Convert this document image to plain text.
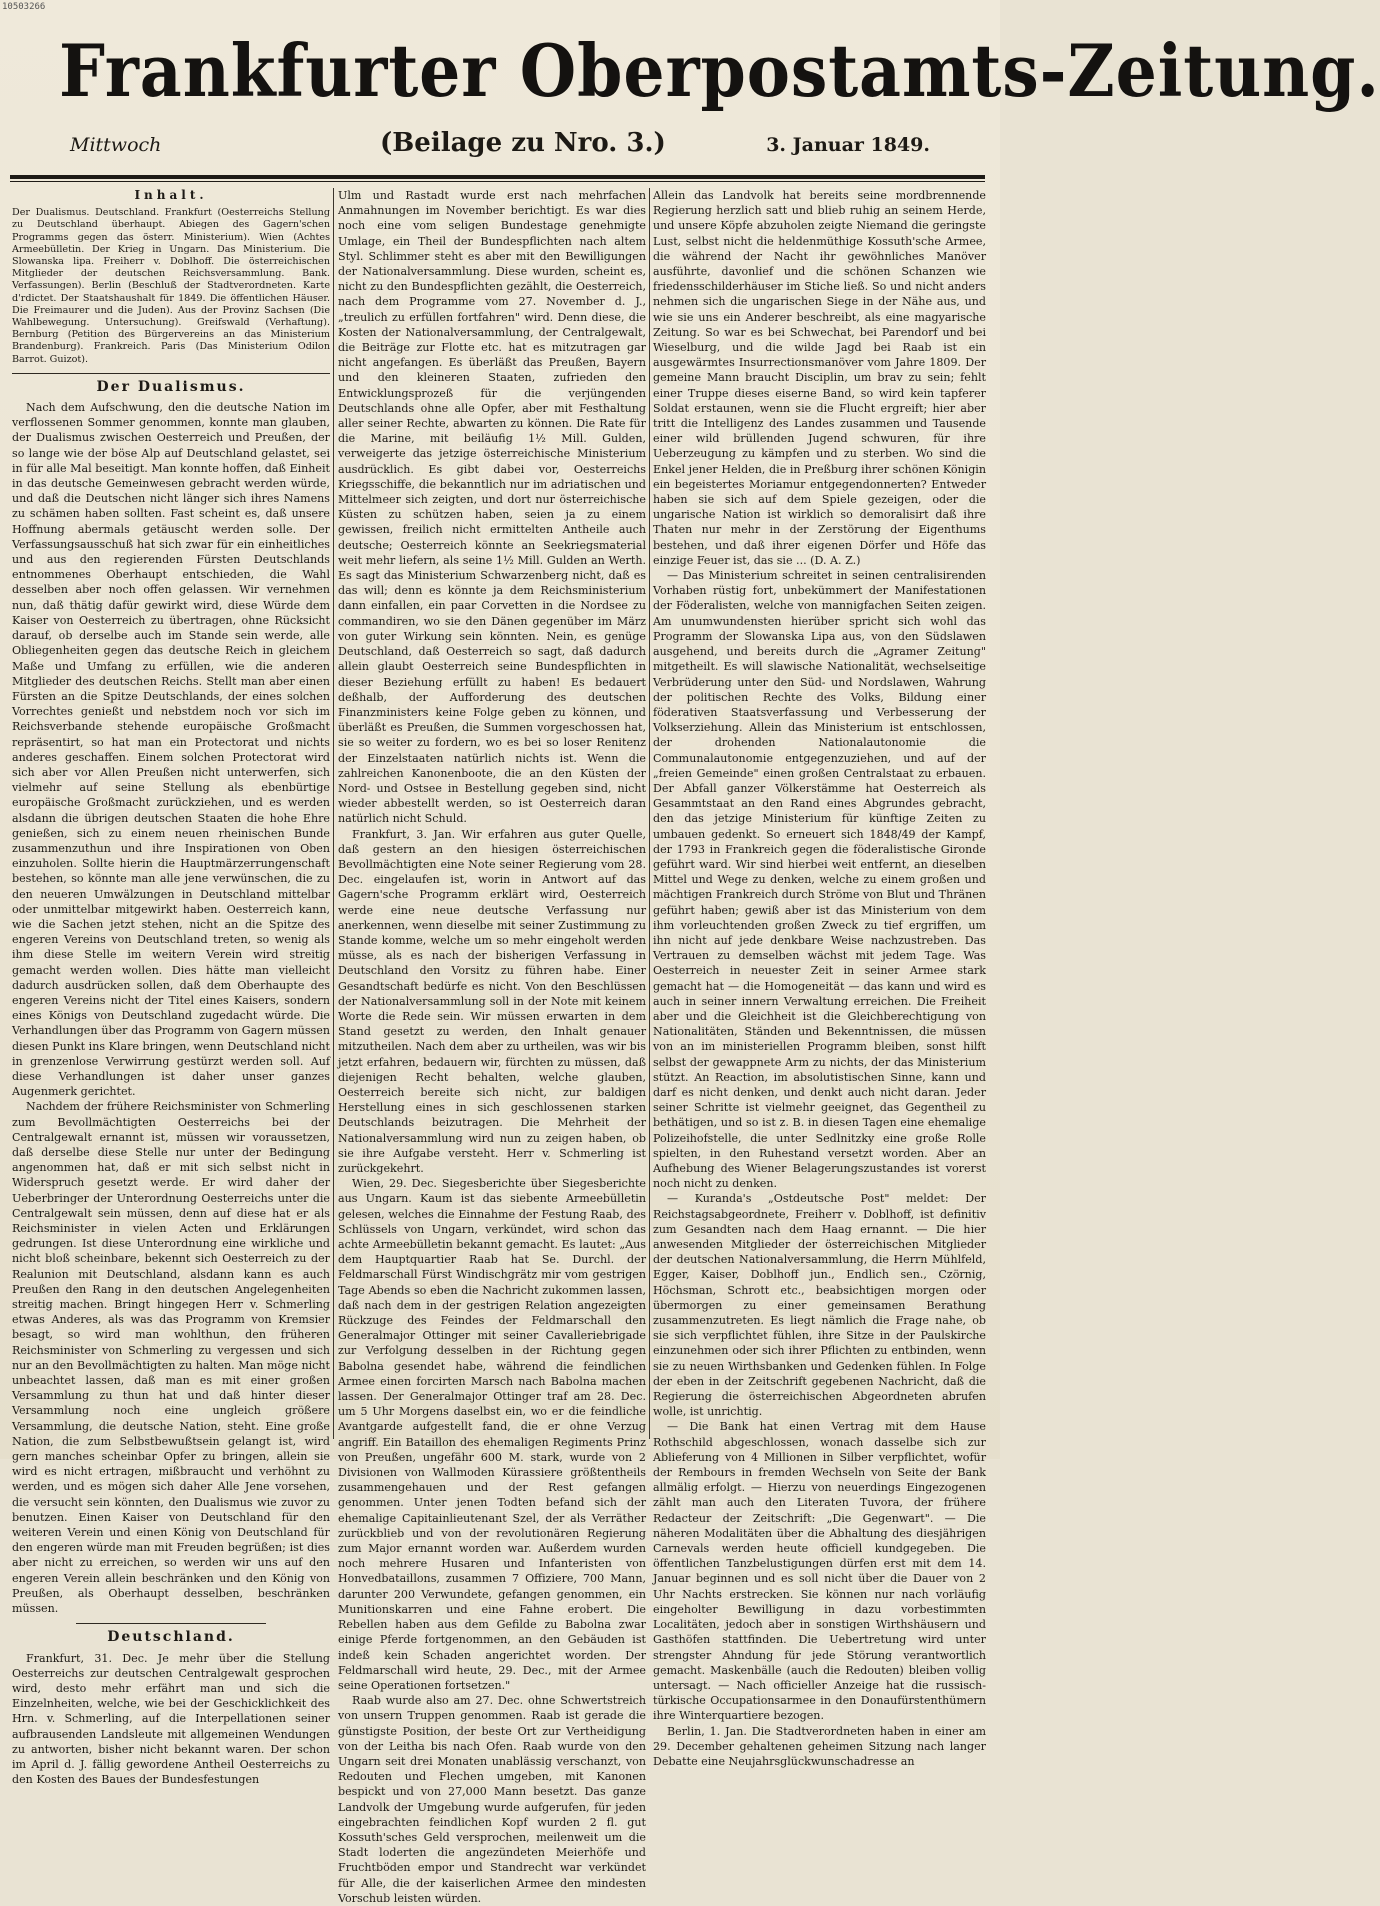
10503266
Frankfurter Oberpostamts-Zeitung.
Mittwoch	(Beilage zu Nro. 3.)	3. Januar 1849.
Inhalt.

Der Dualismus. Deutschland. Frankfurt (Oesterreichs Stellung zu Deutschland überhaupt. Abiegen des Gagern'schen Programms gegen das österr. Ministerium). Wien (Achtes Armeebülletin. Der Krieg in Ungarn. Das Ministerium. Die Slowanska lipa. Freiherr v. Doblhoff. Die österreichischen Mitglieder der deutschen Reichsversammlung. Bank. Verfassungen). Berlin (Beschluß der Stadtverordneten. Karte d'rdictet. Der Staatshaushalt für 1849. Die öffentlichen Häuser. Die Freimaurer und die Juden). Aus der Provinz Sachsen (Die Wahlbewegung. Untersuchung). Greifswald (Verhaftung). Bernburg (Petition des Bürgervereins an das Ministerium Brandenburg). Frankreich. Paris (Das Ministerium Odilon Barrot. Guizot).

Der Dualismus.

Nach dem Aufschwung, den die deutsche Nation im verflossenen Sommer genommen, konnte man glauben, der Dualismus zwischen Oesterreich und Preußen, der so lange wie der böse Alp auf Deutschland gelastet, sei in für alle Mal beseitigt. Man konnte hoffen, daß Einheit in das deutsche Gemeinwesen gebracht werden würde, und daß die Deutschen nicht länger sich ihres Namens zu schämen haben sollten. Fast scheint es, daß unsere Hoffnung abermals getäuscht werden solle. Der Verfassungsausschuß hat sich zwar für ein einheitliches und aus den regierenden Fürsten Deutschlands entnommenes Oberhaupt entschieden, die Wahl desselben aber noch offen gelassen. Wir vernehmen nun, daß thätig dafür gewirkt wird, diese Würde dem Kaiser von Oesterreich zu übertragen, ohne Rücksicht darauf, ob derselbe auch im Stande sein werde, alle Obliegenheiten gegen das deutsche Reich in gleichem Maße und Umfang zu erfüllen, wie die anderen Mitglieder des deutschen Reichs. Stellt man aber einen Fürsten an die Spitze Deutschlands, der eines solchen Vorrechtes genießt und nebstdem noch vor sich im Reichsverbande stehende europäische Großmacht repräsentirt, so hat man ein Protectorat und nichts anderes geschaffen. Einem solchen Protectorat wird sich aber vor Allen Preußen nicht unterwerfen, sich vielmehr auf seine Stellung als ebenbürtige europäische Großmacht zurückziehen, und es werden alsdann die übrigen deutschen Staaten die hohe Ehre genießen, sich zu einem neuen rheinischen Bunde zusammenzuthun und ihre Inspirationen von Oben einzuholen. Sollte hierin die Hauptmärzerrungenschaft bestehen, so könnte man alle jene verwünschen, die zu den neueren Umwälzungen in Deutschland mittelbar oder unmittelbar mitgewirkt haben. Oesterreich kann, wie die Sachen jetzt stehen, nicht an die Spitze des engeren Vereins von Deutschland treten, so wenig als ihm diese Stelle im weitern Verein wird streitig gemacht werden wollen. Dies hätte man vielleicht dadurch ausdrücken sollen, daß dem Oberhaupte des engeren Vereins nicht der Titel eines Kaisers, sondern eines Königs von Deutschland zugedacht würde. Die Verhandlungen über das Programm von Gagern müssen diesen Punkt ins Klare bringen, wenn Deutschland nicht in grenzenlose Verwirrung gestürzt werden soll. Auf diese Verhandlungen ist daher unser ganzes Augenmerk gerichtet.

Nachdem der frühere Reichsminister von Schmerling zum Bevollmächtigten Oesterreichs bei der Centralgewalt ernannt ist, müssen wir voraussetzen, daß derselbe diese Stelle nur unter der Bedingung angenommen hat, daß er mit sich selbst nicht in Widerspruch gesetzt werde. Er wird daher der Ueberbringer der Unterordnung Oesterreichs unter die Centralgewalt sein müssen, denn auf diese hat er als Reichsminister in vielen Acten und Erklärungen gedrungen. Ist diese Unterordnung eine wirkliche und nicht bloß scheinbare, bekennt sich Oesterreich zu der Realunion mit Deutschland, alsdann kann es auch Preußen den Rang in den deutschen Angelegenheiten streitig machen. Bringt hingegen Herr v. Schmerling etwas Anderes, als was das Programm von Kremsier besagt, so wird man wohlthun, den früheren Reichsminister von Schmerling zu vergessen und sich nur an den Bevollmächtigten zu halten. Man möge nicht unbeachtet lassen, daß man es mit einer großen Versammlung zu thun hat und daß hinter dieser Versammlung noch eine ungleich größere Versammlung, die deutsche Nation, steht. Eine große Nation, die zum Selbstbewußtsein gelangt ist, wird gern manches scheinbar Opfer zu bringen, allein sie wird es nicht ertragen, mißbraucht und verhöhnt zu werden, und es mögen sich daher Alle Jene vorsehen, die versucht sein könnten, den Dualismus wie zuvor zu benutzen. Einen Kaiser von Deutschland für den weiteren Verein und einen König von Deutschland für den engeren würde man mit Freuden begrüßen; ist dies aber nicht zu erreichen, so werden wir uns auf den engeren Verein allein beschränken und den König von Preußen, als Oberhaupt desselben, beschränken müssen.

Deutschland.

Frankfurt, 31. Dec. Je mehr über die Stellung Oesterreichs zur deutschen Centralgewalt gesprochen wird, desto mehr erfährt man und sich die Einzelnheiten, welche, wie bei der Geschicklichkeit des Hrn. v. Schmerling, auf die Interpellationen seiner aufbrausenden Landsleute mit allgemeinen Wendungen zu antworten, bisher nicht bekannt waren. Der schon im April d. J. fällig gewordene Antheil Oesterreichs zu den Kosten des Baues der Bundesfestungen

Ulm und Rastadt wurde erst nach mehrfachen Anmahnungen im November berichtigt. Es war dies noch eine vom seligen Bundestage genehmigte Umlage, ein Theil der Bundespflichten nach altem Styl. Schlimmer steht es aber mit den Bewilligungen der Nationalversammlung. Diese wurden, scheint es, nicht zu den Bundespflichten gezählt, die Oesterreich, nach dem Programme vom 27. November d. J., „treulich zu erfüllen fortfahren" wird. Denn diese, die Kosten der Nationalversammlung, der Centralgewalt, die Beiträge zur Flotte etc. hat es mitzutragen gar nicht angefangen. Es überläßt das Preußen, Bayern und den kleineren Staaten, zufrieden den Entwicklungsprozeß für die verjüngenden Deutschlands ohne alle Opfer, aber mit Festhaltung aller seiner Rechte, abwarten zu können. Die Rate für die Marine, mit beiläufig 1½ Mill. Gulden, verweigerte das jetzige österreichische Ministerium ausdrücklich. Es gibt dabei vor, Oesterreichs Kriegsschiffe, die bekanntlich nur im adriatischen und Mittelmeer sich zeigten, und dort nur österreichische Küsten zu schützen haben, seien ja zu einem gewissen, freilich nicht ermittelten Antheile auch deutsche; Oesterreich könnte an Seekriegsmaterial weit mehr liefern, als seine 1½ Mill. Gulden an Werth. Es sagt das Ministerium Schwarzenberg nicht, daß es das will; denn es könnte ja dem Reichsministerium dann einfallen, ein paar Corvetten in die Nordsee zu commandiren, wo sie den Dänen gegenüber im März von guter Wirkung sein könnten. Nein, es genüge Deutschland, daß Oesterreich so sagt, daß dadurch allein glaubt Oesterreich seine Bundespflichten in dieser Beziehung erfüllt zu haben! Es bedauert deßhalb, der Aufforderung des deutschen Finanzministers keine Folge geben zu können, und überläßt es Preußen, die Summen vorgeschossen hat, sie so weiter zu fordern, wo es bei so loser Renitenz der Einzelstaaten natürlich nichts ist. Wenn die zahlreichen Kanonenboote, die an den Küsten der Nord- und Ostsee in Bestellung gegeben sind, nicht wieder abbestellt werden, so ist Oesterreich daran natürlich nicht Schuld.

Frankfurt, 3. Jan. Wir erfahren aus guter Quelle, daß gestern an den hiesigen österreichischen Bevollmächtigten eine Note seiner Regierung vom 28. Dec. eingelaufen ist, worin in Antwort auf das Gagern'sche Programm erklärt wird, Oesterreich werde eine neue deutsche Verfassung nur anerkennen, wenn dieselbe mit seiner Zustimmung zu Stande komme, welche um so mehr eingeholt werden müsse, als es nach der bisherigen Verfassung in Deutschland den Vorsitz zu führen habe. Einer Gesandtschaft bedürfe es nicht. Von den Beschlüssen der Nationalversammlung soll in der Note mit keinem Worte die Rede sein. Wir müssen erwarten in dem Stand gesetzt zu werden, den Inhalt genauer mitzutheilen. Nach dem aber zu urtheilen, was wir bis jetzt erfahren, bedauern wir, fürchten zu müssen, daß diejenigen Recht behalten, welche glauben, Oesterreich bereite sich nicht, zur baldigen Herstellung eines in sich geschlossenen starken Deutschlands beizutragen. Die Mehrheit der Nationalversammlung wird nun zu zeigen haben, ob sie ihre Aufgabe versteht. Herr v. Schmerling ist zurückgekehrt.

Wien, 29. Dec. Siegesberichte über Siegesberichte aus Ungarn. Kaum ist das siebente Armeebülletin gelesen, welches die Einnahme der Festung Raab, des Schlüssels von Ungarn, verkündet, wird schon das achte Armeebülletin bekannt gemacht. Es lautet: „Aus dem Hauptquartier Raab hat Se. Durchl. der Feldmarschall Fürst Windischgrätz mir vom gestrigen Tage Abends so eben die Nachricht zukommen lassen, daß nach dem in der gestrigen Relation angezeigten Rückzuge des Feindes der Feldmarschall den Generalmajor Ottinger mit seiner Cavalleriebrigade zur Verfolgung desselben in der Richtung gegen Babolna gesendet habe, während die feindlichen Armee einen forcirten Marsch nach Babolna machen lassen. Der Generalmajor Ottinger traf am 28. Dec. um 5 Uhr Morgens daselbst ein, wo er die feindliche Avantgarde aufgestellt fand, die er ohne Verzug angriff. Ein Bataillon des ehemaligen Regiments Prinz von Preußen, ungefähr 600 M. stark, wurde von 2 Divisionen von Wallmoden Kürassiere größtentheils zusammengehauen und der Rest gefangen genommen. Unter jenen Todten befand sich der ehemalige Capitainlieutenant Szel, der als Verräther zurückblieb und von der revolutionären Regierung zum Major ernannt worden war. Außerdem wurden noch mehrere Husaren und Infanteristen von Honvedbataillons, zusammen 7 Offiziere, 700 Mann, darunter 200 Verwundete, gefangen genommen, ein Munitionskarren und eine Fahne erobert. Die Rebellen haben aus dem Gefilde zu Babolna zwar einige Pferde fortgenommen, an den Gebäuden ist indeß kein Schaden angerichtet worden. Der Feldmarschall wird heute, 29. Dec., mit der Armee seine Operationen fortsetzen."

Raab wurde also am 27. Dec. ohne Schwertstreich von unsern Truppen genommen. Raab ist gerade die günstigste Position, der beste Ort zur Vertheidigung von der Leitha bis nach Ofen. Raab wurde von den Ungarn seit drei Monaten unablässig verschanzt, von Redouten und Flechen umgeben, mit Kanonen bespickt und von 27,000 Mann besetzt. Das ganze Landvolk der Umgebung wurde aufgerufen, für jeden eingebrachten feindlichen Kopf wurden 2 fl. gut Kossuth'sches Geld versprochen, meilenweit um die Stadt loderten die angezündeten Meierhöfe und Fruchtböden empor und Standrecht war verkündet für Alle, die der kaiserlichen Armee den mindesten Vorschub leisten würden.

Allein das Landvolk hat bereits seine mordbrennende Regierung herzlich satt und blieb ruhig an seinem Herde, und unsere Köpfe abzuholen zeigte Niemand die geringste Lust, selbst nicht die heldenmüthige Kossuth'sche Armee, die während der Nacht ihr gewöhnliches Manöver ausführte, davonlief und die schönen Schanzen wie friedensschilderhäuser im Stiche ließ. So und nicht anders nehmen sich die ungarischen Siege in der Nähe aus, und wie sie uns ein Anderer beschreibt, als eine magyarische Zeitung. So war es bei Schwechat, bei Parendorf und bei Wieselburg, und die wilde Jagd bei Raab ist ein ausgewärmtes Insurrectionsmanöver vom Jahre 1809. Der gemeine Mann braucht Disciplin, um brav zu sein; fehlt einer Truppe dieses eiserne Band, so wird kein tapferer Soldat erstaunen, wenn sie die Flucht ergreift; hier aber tritt die Intelligenz des Landes zusammen und Tausende einer wild brüllenden Jugend schwuren, für ihre Ueberzeugung zu kämpfen und zu sterben. Wo sind die Enkel jener Helden, die in Preßburg ihrer schönen Königin ein begeistertes Moriamur entgegendonnerten? Entweder haben sie sich auf dem Spiele gezeigen, oder die ungarische Nation ist wirklich so demoralisirt daß ihre Thaten nur mehr in der Zerstörung der Eigenthums bestehen, und daß ihrer eigenen Dörfer und Höfe das einzige Feuer ist, das sie ... (D. A. Z.)

— Das Ministerium schreitet in seinen centralisirenden Vorhaben rüstig fort, unbekümmert der Manifestationen der Föderalisten, welche von mannigfachen Seiten zeigen. Am unumwundensten hierüber spricht sich wohl das Programm der Slowanska Lipa aus, von den Südslawen ausgehend, und bereits durch die „Agramer Zeitung" mitgetheilt. Es will slawische Nationalität, wechselseitige Verbrüderung unter den Süd- und Nordslawen, Wahrung der politischen Rechte des Volks, Bildung einer föderativen Staatsverfassung und Verbesserung der Volkserziehung. Allein das Ministerium ist entschlossen, der drohenden Nationalautonomie die Communalautonomie entgegenzuziehen, und auf der „freien Gemeinde" einen großen Centralstaat zu erbauen. Der Abfall ganzer Völkerstämme hat Oesterreich als Gesammtstaat an den Rand eines Abgrundes gebracht, den das jetzige Ministerium für künftige Zeiten zu umbauen gedenkt. So erneuert sich 1848/49 der Kampf, der 1793 in Frankreich gegen die föderalistische Gironde geführt ward. Wir sind hierbei weit entfernt, an dieselben Mittel und Wege zu denken, welche zu einem großen und mächtigen Frankreich durch Ströme von Blut und Thränen geführt haben; gewiß aber ist das Ministerium von dem ihm vorleuchtenden großen Zweck zu tief ergriffen, um ihn nicht auf jede denkbare Weise nachzustreben. Das Vertrauen zu demselben wächst mit jedem Tage. Was Oesterreich in neuester Zeit in seiner Armee stark gemacht hat — die Homogeneität — das kann und wird es auch in seiner innern Verwaltung erreichen. Die Freiheit aber und die Gleichheit ist die Gleichberechtigung von Nationalitäten, Ständen und Bekenntnissen, die müssen von an im ministeriellen Programm bleiben, sonst hilft selbst der gewappnete Arm zu nichts, der das Ministerium stützt. An Reaction, im absolutistischen Sinne, kann und darf es nicht denken, und denkt auch nicht daran. Jeder seiner Schritte ist vielmehr geeignet, das Gegentheil zu bethätigen, und so ist z. B. in diesen Tagen eine ehemalige Polizeihofstelle, die unter Sedlnitzky eine große Rolle spielten, in den Ruhestand versetzt worden. Aber an Aufhebung des Wiener Belagerungszustandes ist vorerst noch nicht zu denken.

— Kuranda's „Ostdeutsche Post" meldet: Der Reichstagsabgeordnete, Freiherr v. Doblhoff, ist definitiv zum Gesandten nach dem Haag ernannt. — Die hier anwesenden Mitglieder der österreichischen Mitglieder der deutschen Nationalversammlung, die Herrn Mühlfeld, Egger, Kaiser, Doblhoff jun., Endlich sen., Czörnig, Höchsman, Schrott etc., beabsichtigen morgen oder übermorgen zu einer gemeinsamen Berathung zusammenzutreten. Es liegt nämlich die Frage nahe, ob sie sich verpflichtet fühlen, ihre Sitze in der Paulskirche einzunehmen oder sich ihrer Pflichten zu entbinden, wenn sie zu neuen Wirthsbanken und Gedenken fühlen. In Folge der eben in der Zeitschrift gegebenen Nachricht, daß die Regierung die österreichischen Abgeordneten abrufen wolle, ist unrichtig.

— Die Bank hat einen Vertrag mit dem Hause Rothschild abgeschlossen, wonach dasselbe sich zur Ablieferung von 4 Millionen in Silber verpflichtet, wofür der Rembours in fremden Wechseln von Seite der Bank allmälig erfolgt. — Hierzu von neuerdings Eingezogenen zählt man auch den Literaten Tuvora, der frühere Redacteur der Zeitschrift: „Die Gegenwart". — Die näheren Modalitäten über die Abhaltung des diesjährigen Carnevals werden heute officiell kundgegeben. Die öffentlichen Tanzbelustigungen dürfen erst mit dem 14. Januar beginnen und es soll nicht über die Dauer von 2 Uhr Nachts erstrecken. Sie können nur nach vorläufig eingeholter Bewilligung in dazu vorbestimmten Localitäten, jedoch aber in sonstigen Wirthshäusern und Gasthöfen stattfinden. Die Uebertretung wird unter strengster Ahndung für jede Störung verantwortlich gemacht. Maskenbälle (auch die Redouten) bleiben vollig untersagt. — Nach officieller Anzeige hat die russisch-türkische Occupationsarmee in den Donaufürstenthümern ihre Winterquartiere bezogen.

Berlin, 1. Jan. Die Stadtverordneten haben in einer am 29. December gehaltenen geheimen Sitzung nach langer Debatte eine Neujahrsglückwunschadresse an
